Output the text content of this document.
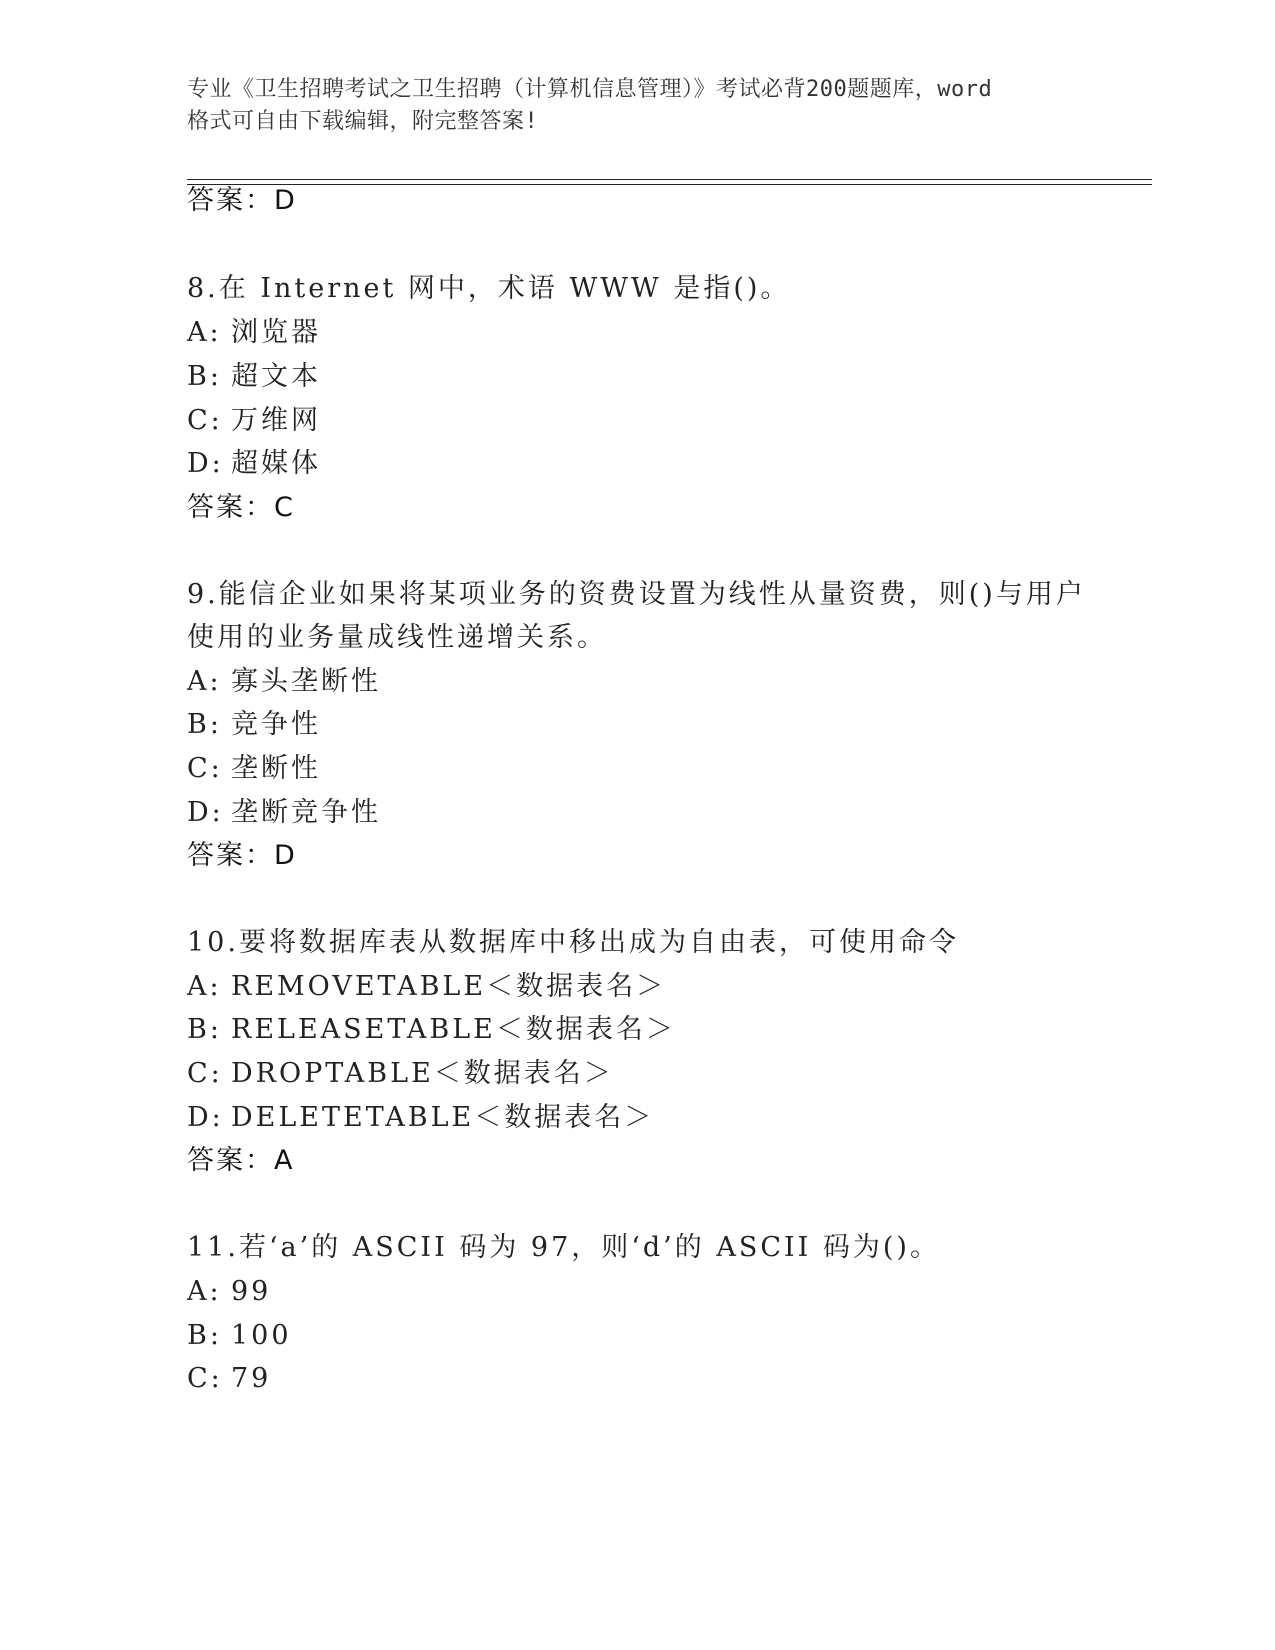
专业《卫生招聘考试之卫生招聘（计算机信息管理）》考试必背200题题库，word
格式可自由下载编辑，附完整答案!
答案：D
8.在 Internet 网中，术语 WWW 是指()。
A: 浏览器
B: 超文本
C: 万维网
D: 超媒体
答案：C
9.能信企业如果将某项业务的资费设置为线性从量资费，则()与用户
使用的业务量成线性递增关系。
A: 寡头垄断性
B: 竞争性
C: 垄断性
D: 垄断竞争性
答案：D
10.要将数据库表从数据库中移出成为自由表，可使用命令
A: REMOVETABLE＜数据表名＞
B: RELEASETABLE＜数据表名＞
C: DROPTABLE＜数据表名＞
D: DELETETABLE＜数据表名＞
答案：A
11.若‘a’的 ASCII 码为 97，则‘d’的 ASCII 码为()。
A: 99
B: 100
C: 79
